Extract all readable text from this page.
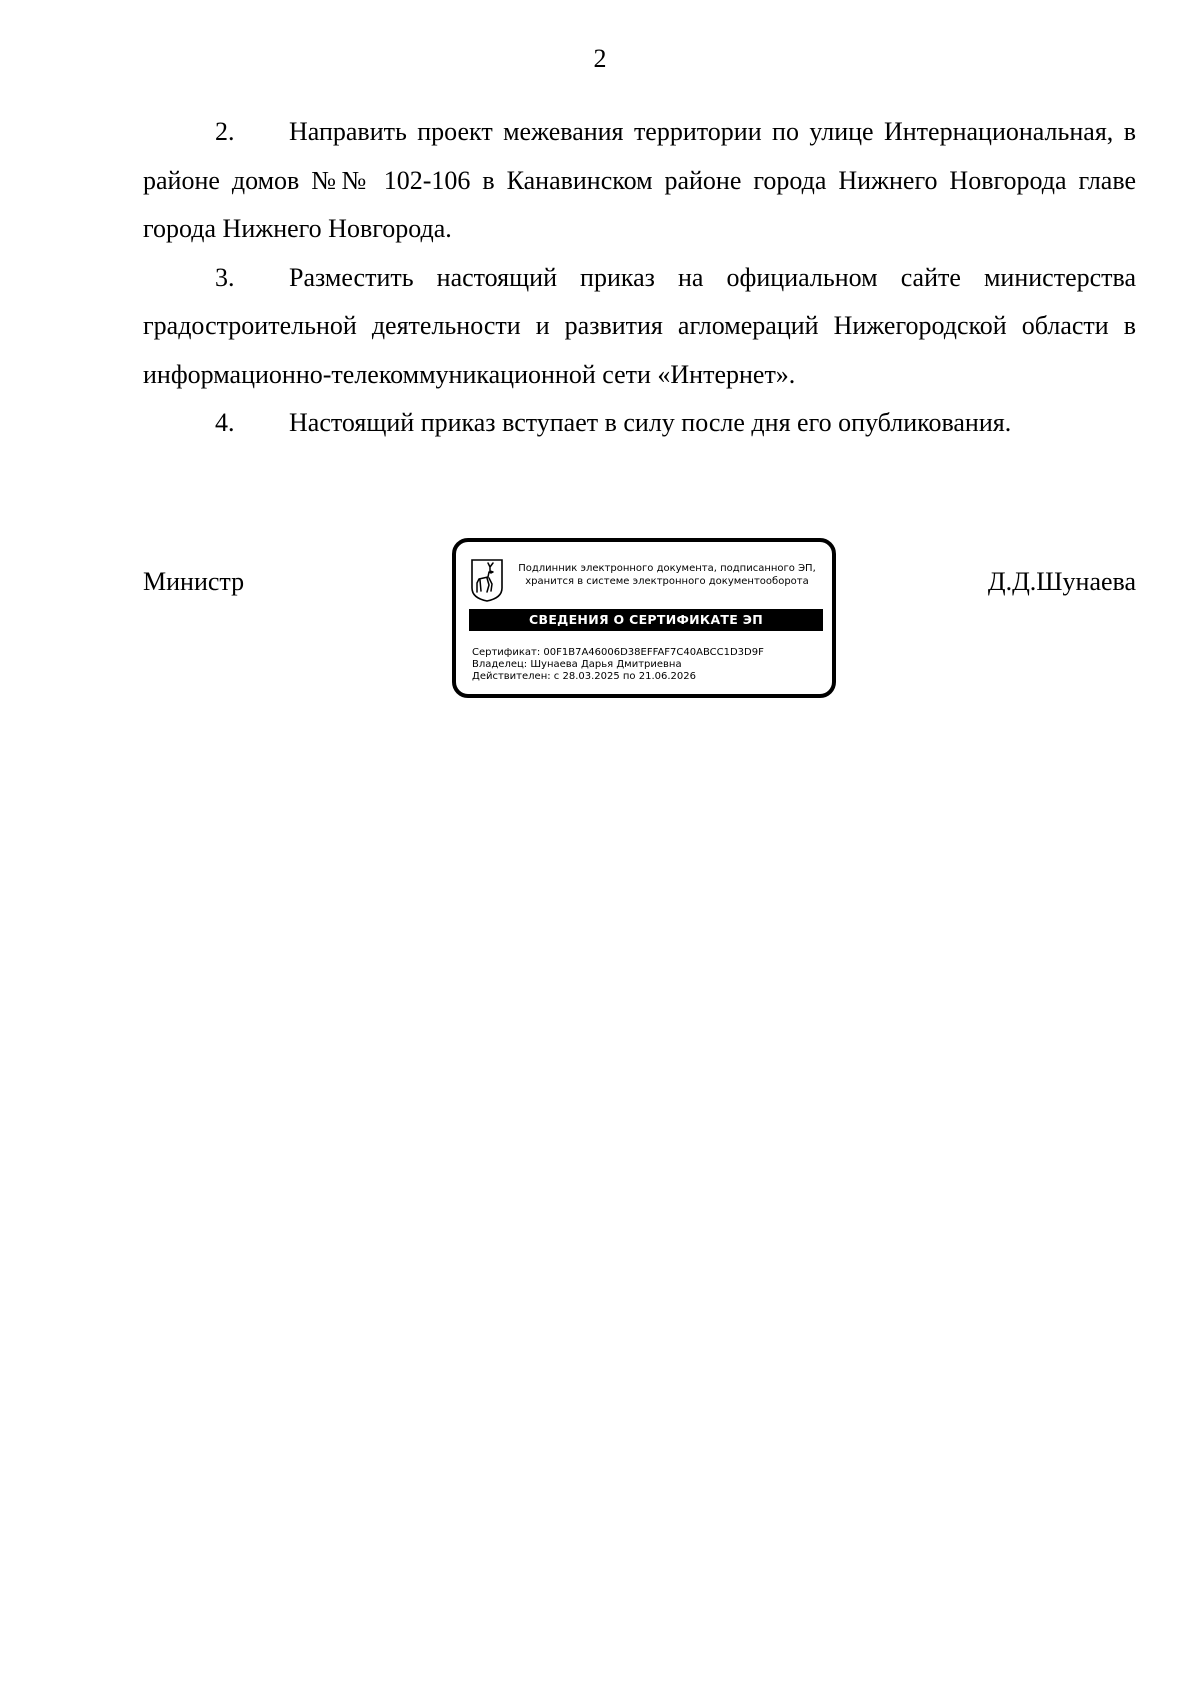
2

2. Направить проект межевания территории по улице Интернациональная, в районе домов №№ 102-106 в Канавинском районе города Нижнего Новгорода главе города Нижнего Новгорода.

3. Разместить настоящий приказ на официальном сайте министерства градостроительной деятельности и развития агломераций Нижегородской области в информационно-телекоммуникационной сети «Интернет».

4. Настоящий приказ вступает в силу после дня его опубликования.

Министр	Подлинник электронного документа, подписанного ЭП,
хранится в системе электронного документооборота
СВЕДЕНИЯ О СЕРТИФИКАТЕ ЭП
Сертификат: 00F1B7A46006D38EFFAF7C40ABCC1D3D9F
Владелец: Шунаева Дарья Дмитриевна
Действителен: с 28.03.2025 по 21.06.2026
Д.Д.Шунаева
